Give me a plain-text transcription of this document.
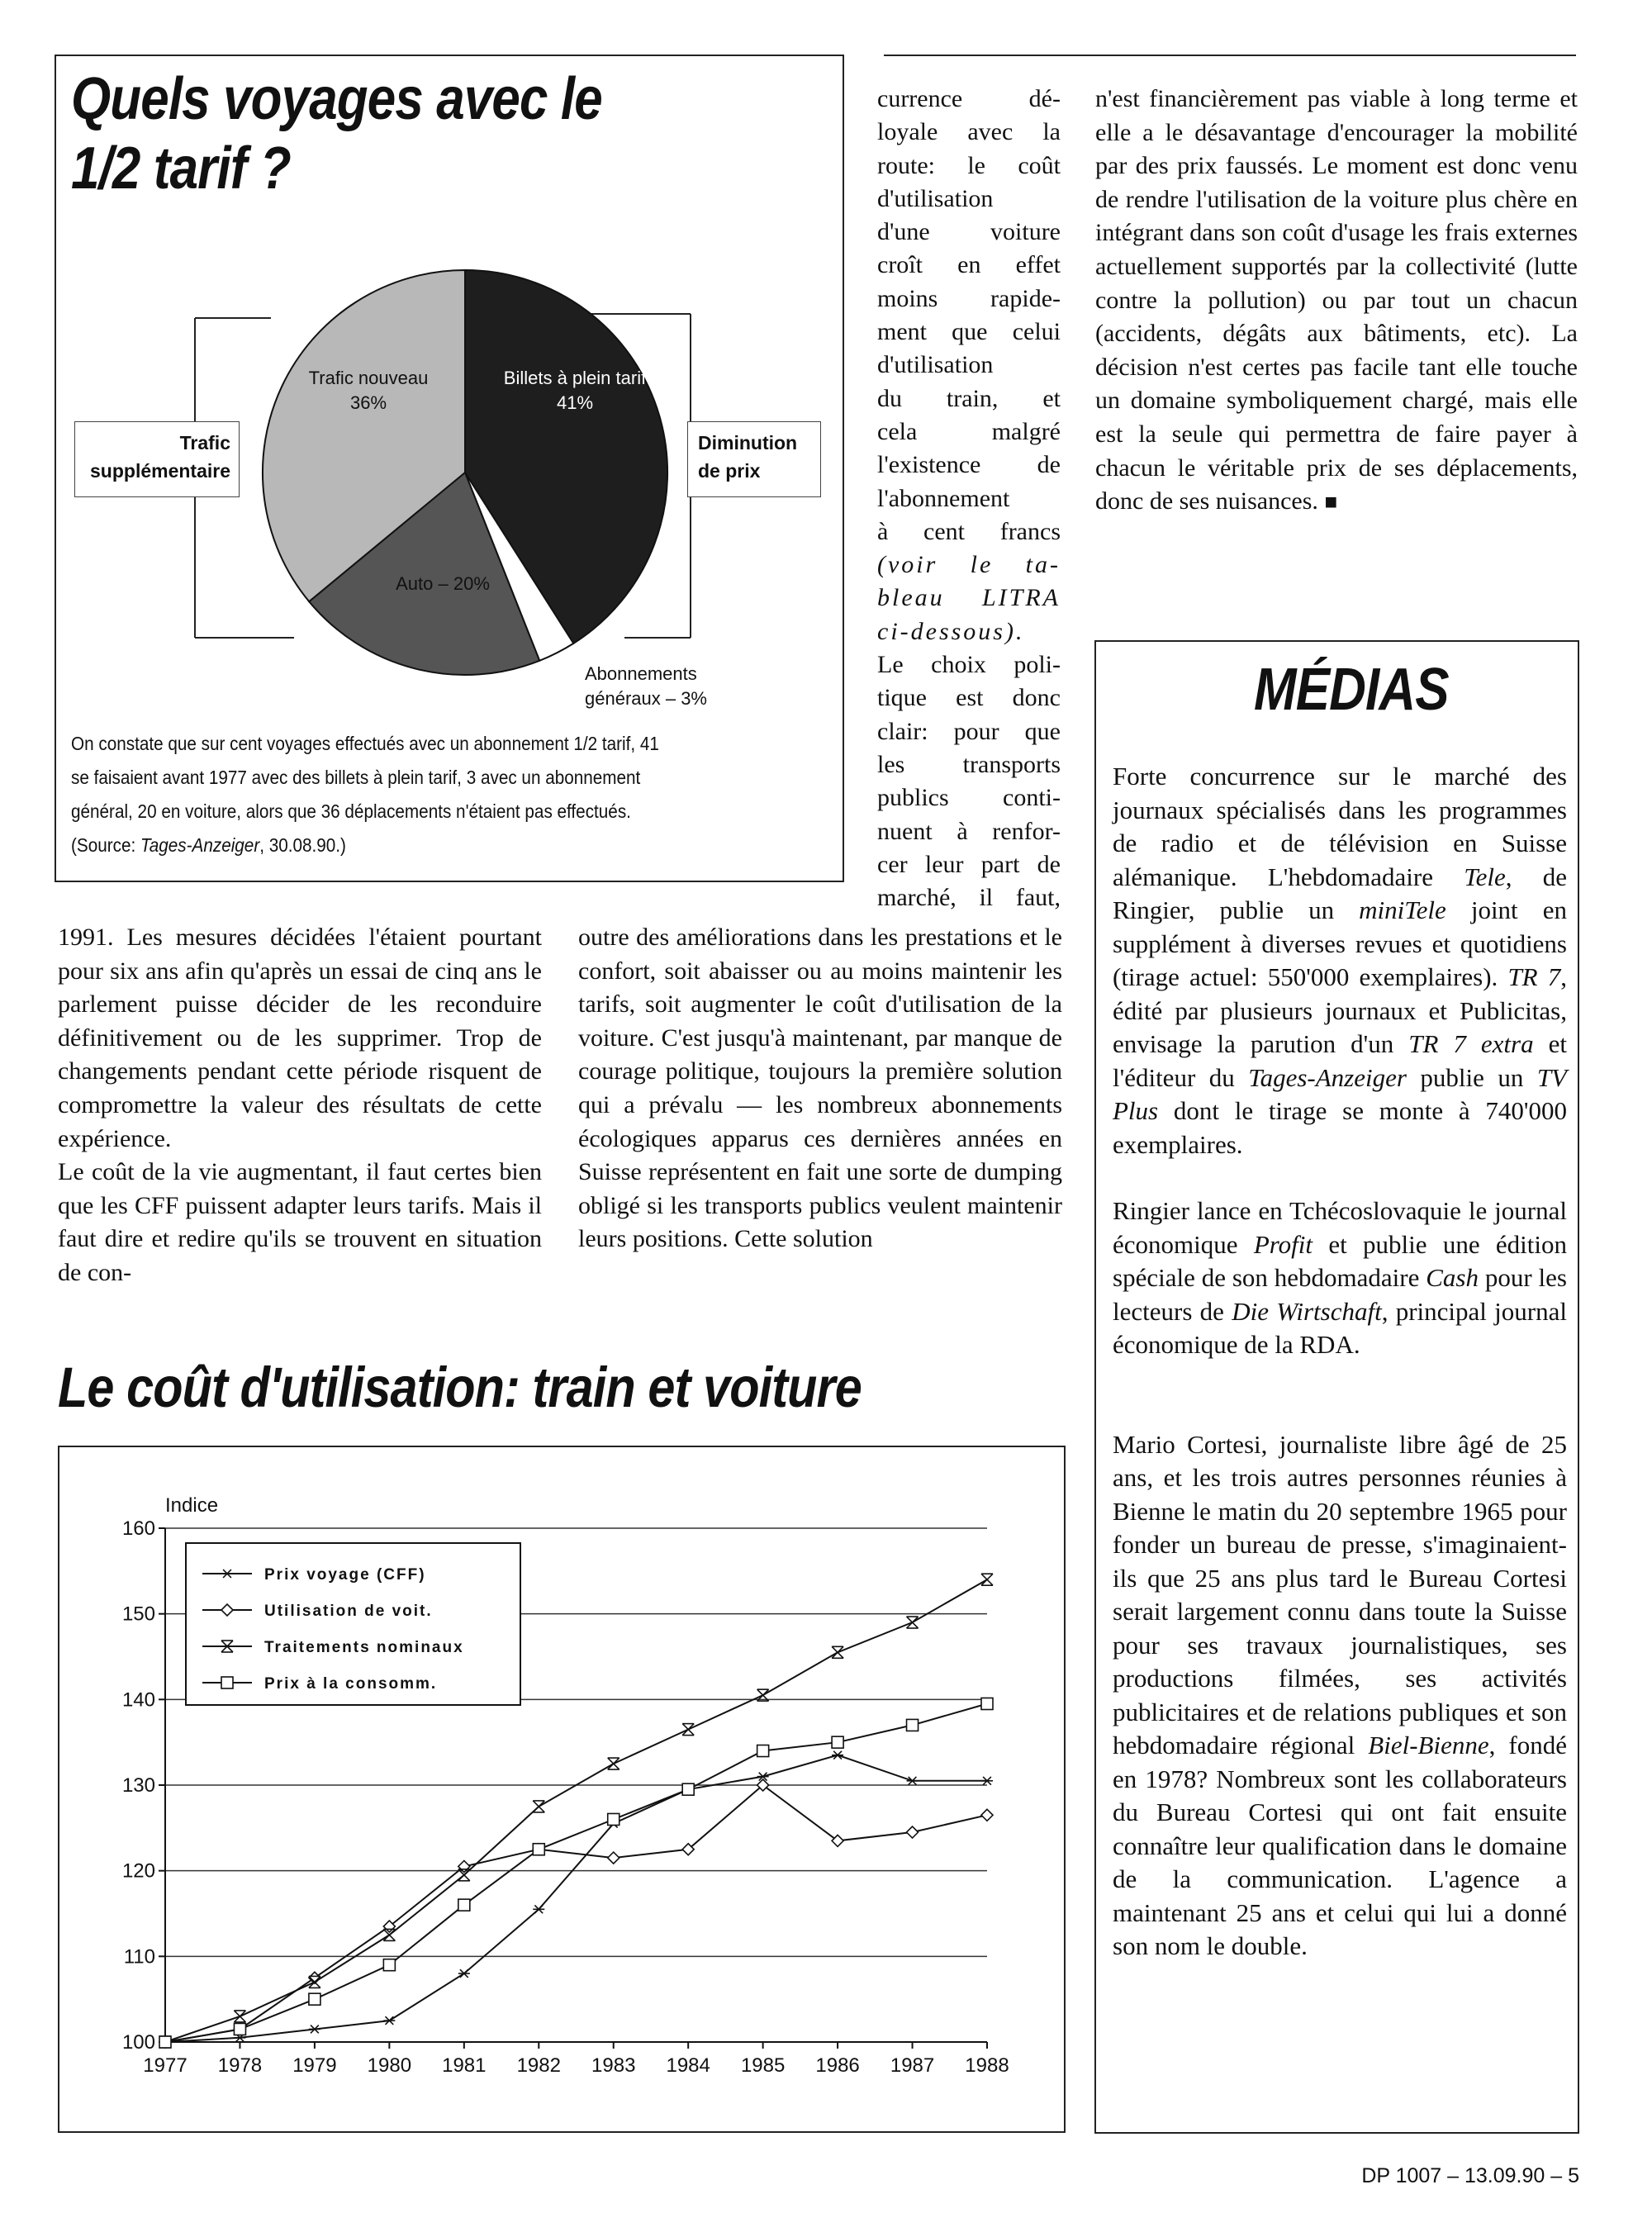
Quels voyages avec le
1/2 tarif ?
Trafic nouveau
36%
Billets à plein tarif
41%
Auto – 20%
Abonnements
généraux – 3%
Trafic
supplémentaire
Diminution
de prix
On constate que sur cent voyages effectués avec un abonnement 1/2 tarif, 41
se faisaient avant 1977 avec des billets à plein tarif, 3 avec un abonnement
général, 20 en voiture, alors que 36 déplacements n'étaient pas effectués.
(Source: Tages-Anzeiger, 30.08.90.)
currence dé-
loyale avec la
route: le coût
d'utilisation
d'une voiture
croît en effet
moins rapide-
ment que celui
d'utilisation
du train, et
cela malgré
l'existence de
l'abonnement
à cent francs
(voir le ta-
bleau LITRA
ci-dessous).
Le choix poli-
tique est donc
clair: pour que
les transports
publics conti-
nuent à renfor-
cer leur part de
marché, il faut,

n'est financièrement pas viable à long terme et elle a le désavantage d'encourager la mobilité par des prix faussés. Le moment est donc venu de rendre l'utilisation de la voiture plus chère en intégrant dans son coût d'usage les frais externes actuellement supportés par la collectivité (lutte contre la pollution) ou par tout un chacun (accidents, dégâts aux bâtiments, etc). La décision n'est certes pas facile tant elle touche un domaine symboliquement chargé, mais elle est la seule qui permettra de faire payer à chacun le véritable prix de ses déplacements, donc de ses nuisances. ■

1991. Les mesures décidées l'étaient pourtant pour six ans afin qu'après un essai de cinq ans le parlement puisse décider de les reconduire définitivement ou de les supprimer. Trop de changements pendant cette période risquent de compromettre la valeur des résultats de cette expérience.

Le coût de la vie augmentant, il faut certes bien que les CFF puissent adapter leurs tarifs. Mais il faut dire et redire qu'ils se trouvent en situation de con-

outre des améliorations dans les prestations et le confort, soit abaisser ou au moins maintenir les tarifs, soit augmenter le coût d'utilisation de la voiture. C'est jusqu'à maintenant, par manque de courage politique, toujours la première solution qui a prévalu — les nombreux abonnements écologiques apparus ces dernières années en Suisse représentent en fait une sorte de dumping obligé si les transports publics veulent maintenir leurs positions. Cette solution

Le coût d'utilisation: train et voiture
Indice
100
110
120
130
140
150
160
1977 1978 1979 1980 1981 1982 1983 1984 1985 1986 1987 1988
Prix voyage (CFF)
Utilisation de voit.
Traitements nominaux
Prix à la consomm.
MÉDIAS

Forte concurrence sur le marché des journaux spécialisés dans les programmes de radio et de télévision en Suisse alémanique. L'hebdomadaire Tele, de Ringier, publie un miniTele joint en supplément à diverses revues et quotidiens (tirage actuel: 550'000 exemplaires). TR 7, édité par plusieurs journaux et Publicitas, envisage la parution d'un TR 7 extra et l'éditeur du Tages-Anzeiger publie un TV Plus dont le tirage se monte à 740'000 exemplaires.

Ringier lance en Tchécoslovaquie le journal économique Profit et publie une édition spéciale de son hebdomadaire Cash pour les lecteurs de Die Wirtschaft, principal journal économique de la RDA.

Mario Cortesi, journaliste libre âgé de 25 ans, et les trois autres personnes réunies à Bienne le matin du 20 septembre 1965 pour fonder un bureau de presse, s'imaginaient-ils que 25 ans plus tard le Bureau Cortesi serait largement connu dans toute la Suisse pour ses travaux journalistiques, ses productions filmées, ses activités publicitaires et de relations publiques et son hebdomadaire régional Biel-Bienne, fondé en 1978? Nombreux sont les collaborateurs du Bureau Cortesi qui ont fait ensuite connaître leur qualification dans le domaine de la communication. L'agence a maintenant 25 ans et celui qui lui a donné son nom le double.

DP 1007 – 13.09.90 – 5
